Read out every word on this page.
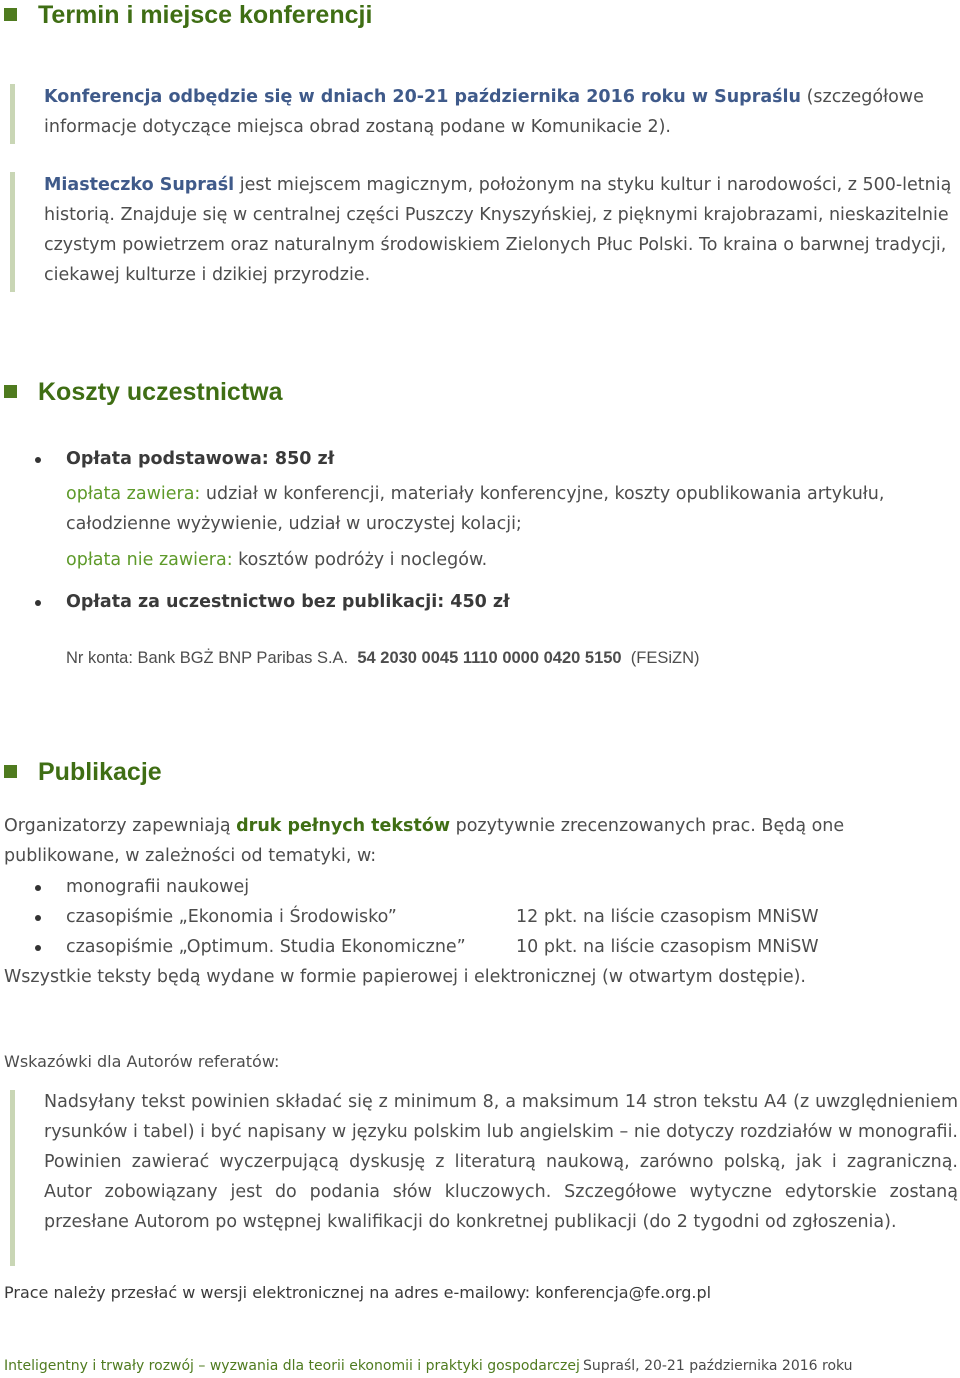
Termin i miejsce konferencji

Konferencja odbędzie się w dniach 20-21 października 2016 roku w Supraślu (szczegółowe informacje dotyczące miejsca obrad zostaną podane w Komunikacie 2).

Miasteczko Supraśl jest miejscem magicznym, położonym na styku kultur i narodowości, z 500-letnią historią. Znajduje się w centralnej części Puszczy Knyszyńskiej, z pięknymi krajobrazami, nieskazitelnie czystym powietrzem oraz naturalnym środowiskiem Zielonych Płuc Polski. To kraina o barwnej tradycji, ciekawej kulturze i dzikiej przyrodzie.

Koszty uczestnictwa
Opłata podstawowa: 850 zł

opłata zawiera: udział w konferencji, materiały konferencyjne, koszty opublikowania artykułu, całodzienne wyżywienie, udział w uroczystej kolacji;

opłata nie zawiera: kosztów podróży i noclegów.
Opłata za uczestnictwo bez publikacji: 450 zł
Nr konta: Bank BGŻ BNP Paribas S.A. 54 2030 0045 1110 0000 0420 5150 (FESiZN)
Publikacje

Organizatorzy zapewniają druk pełnych tekstów pozytywnie zrecenzowanych prac. Będą one publikowane, w zależności od tematyki, w:

monografii naukowej
czasopiśmie „Ekonomia i Środowisko”	12 pkt. na liście czasopism MNiSW
czasopiśmie „Optimum. Studia Ekonomiczne”	10 pkt. na liście czasopism MNiSW
Wszystkie teksty będą wydane w formie papierowej i elektronicznej (w otwartym dostępie).
Wskazówki dla Autorów referatów:

Nadsyłany tekst powinien składać się z minimum 8, a maksimum 14 stron tekstu A4 (z uwzględnieniem rysunków i tabel) i być napisany w języku polskim lub angielskim – nie dotyczy rozdziałów w monografii. Powinien zawierać wyczerpującą dyskusję z literaturą naukową, zarówno polską, jak i zagraniczną. Autor zobowiązany jest do podania słów kluczowych. Szczegółowe wytyczne edytorskie zostaną przesłane Autorom po wstępnej kwalifikacji do konkretnej publikacji (do 2 tygodni od zgłoszenia).

Prace należy przesłać w wersji elektronicznej na adres e-mailowy: konferencja@fe.org.pl
Inteligentny i trwały rozwój – wyzwania dla teorii ekonomii i praktyki gospodarczej Supraśl, 20-21 października 2016 roku
